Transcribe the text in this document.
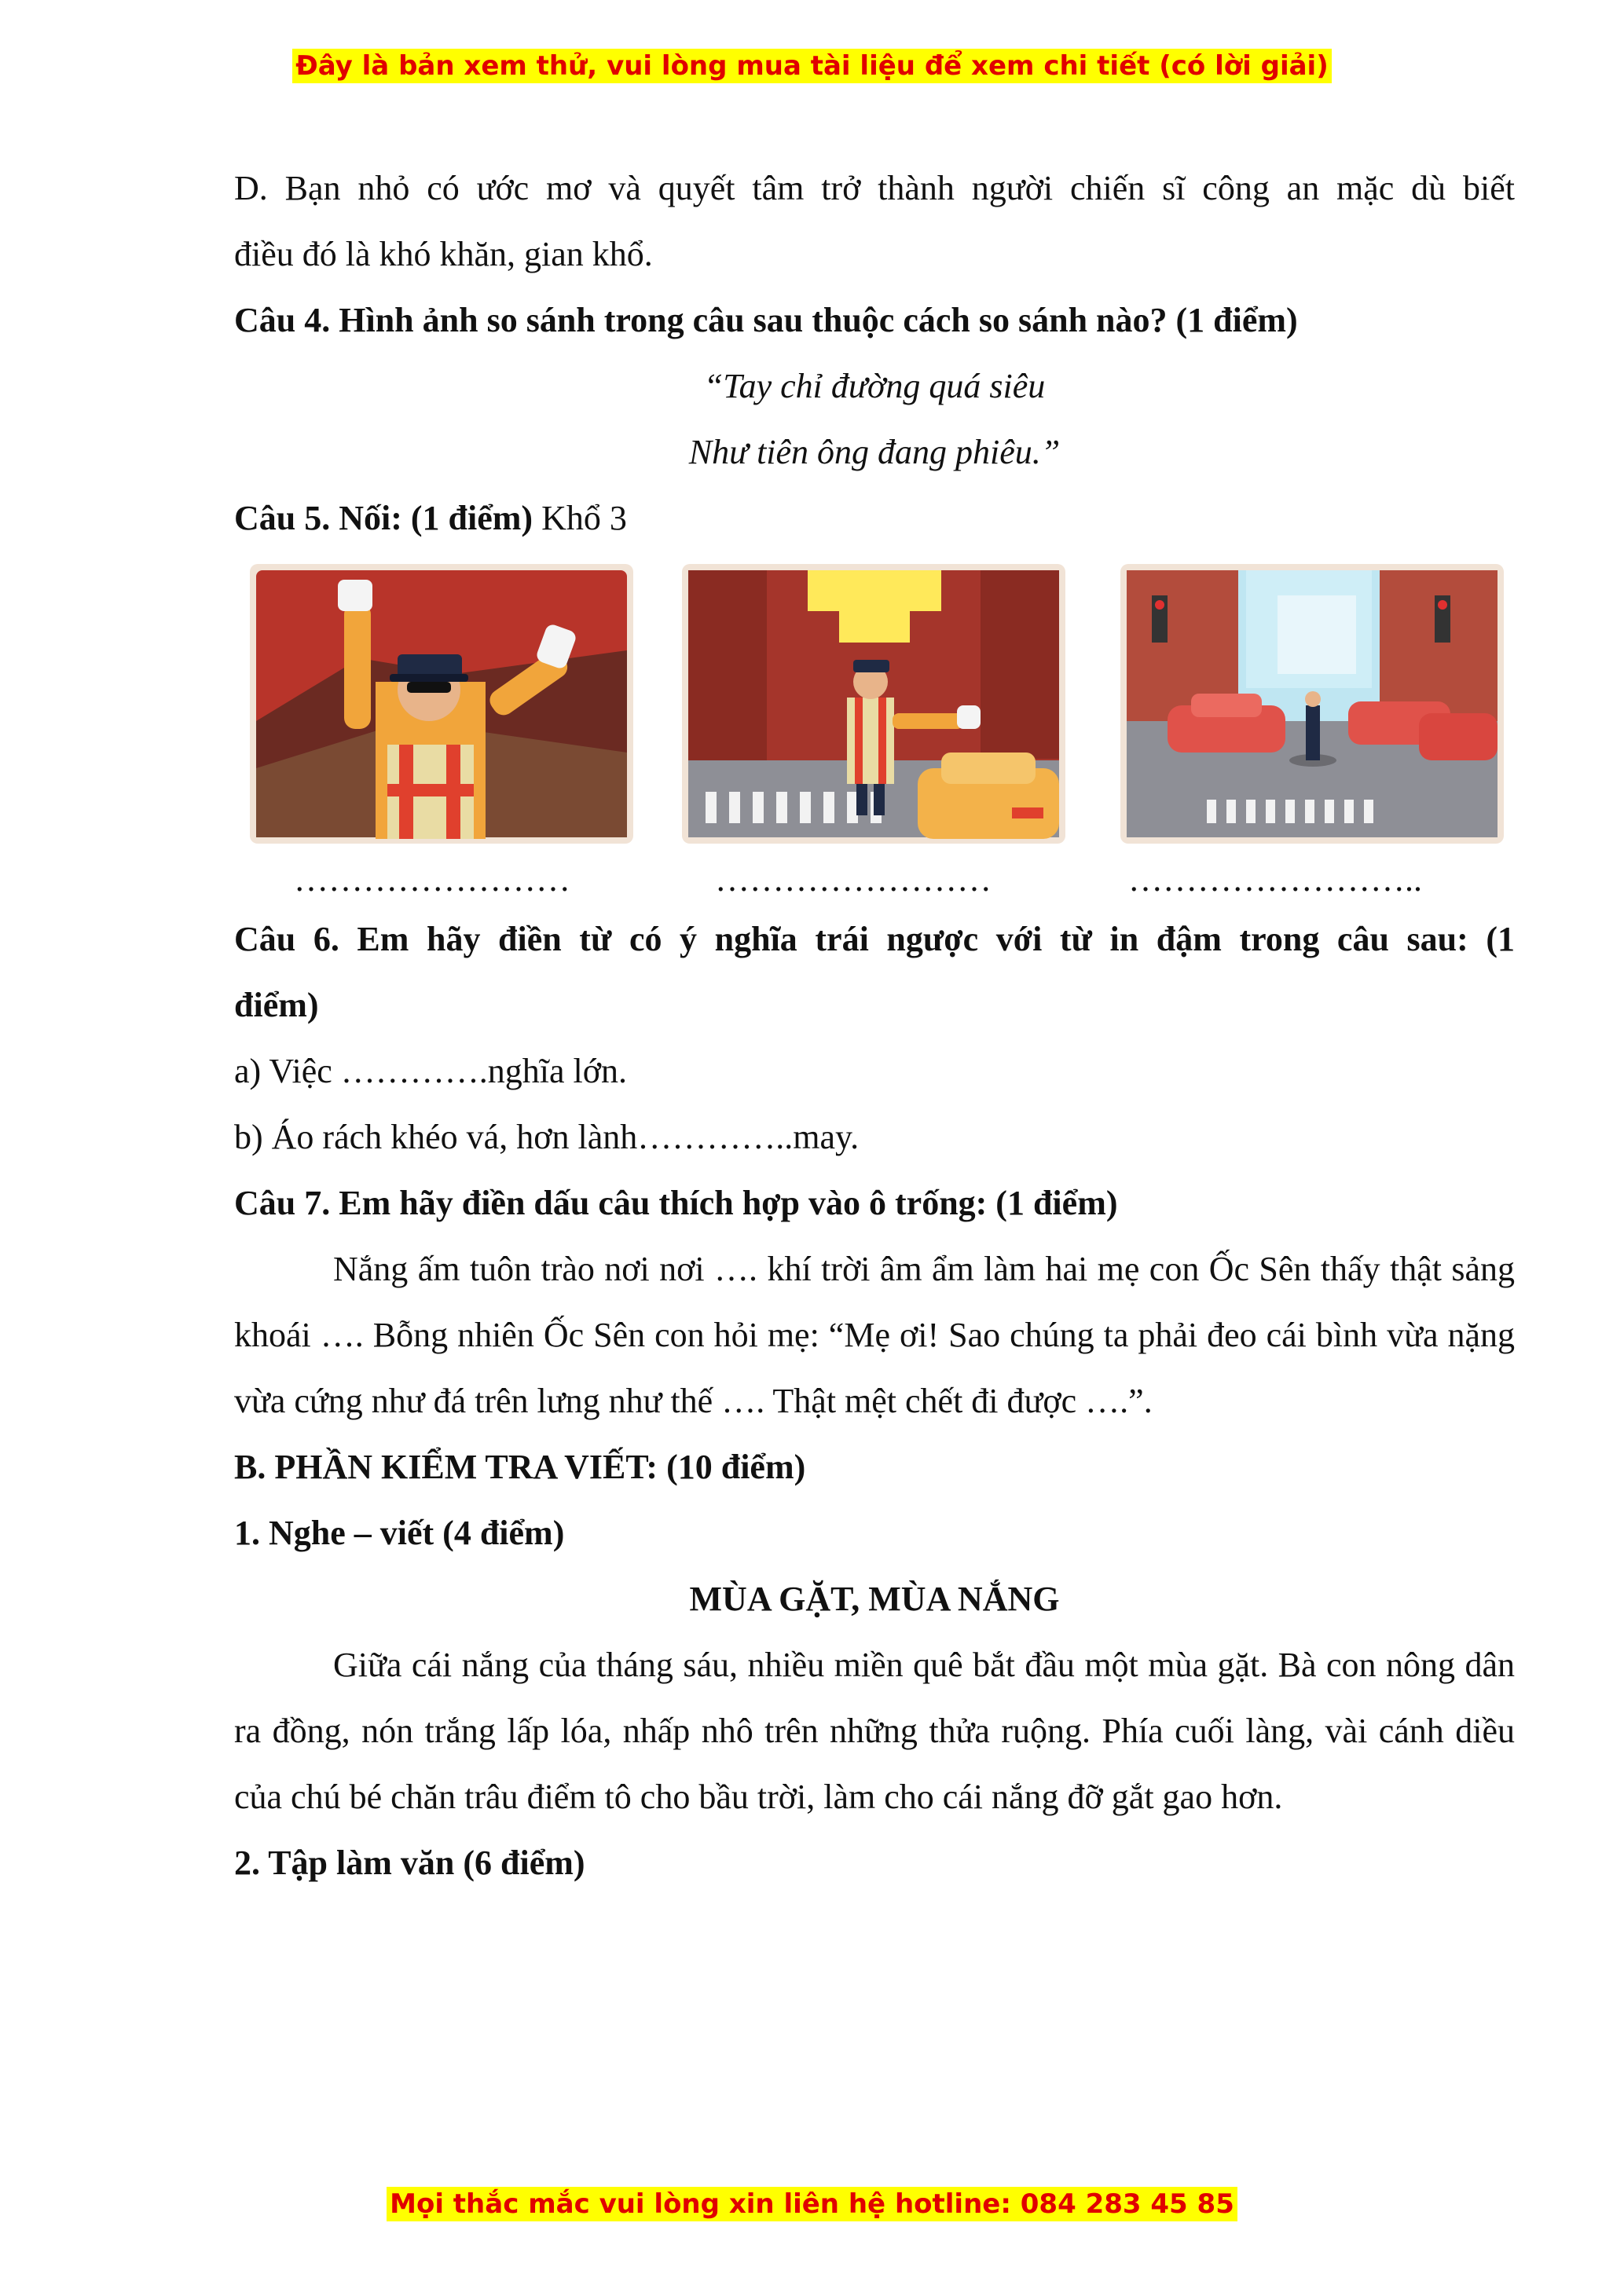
Đây là bản xem thử, vui lòng mua tài liệu để xem chi tiết (có lời giải)

D. Bạn nhỏ có ước mơ và quyết tâm trở thành người chiến sĩ công an mặc dù biết

điều đó là khó khăn, gian khổ.

Câu 4. Hình ảnh so sánh trong câu sau thuộc cách so sánh nào? (1 điểm)

“Tay chỉ đường quá siêu

Như tiên ông đang phiêu.”

Câu 5. Nối: (1 điểm) Khổ 3

……………………	……………………	……………………..

Câu 6. Em hãy điền từ có ý nghĩa trái ngược với từ in đậm trong câu sau: (1

điểm)

a) Việc ………….nghĩa lớn.

b) Áo rách khéo vá, hơn lành…………..may.

Câu 7. Em hãy điền dấu câu thích hợp vào ô trống: (1 điểm)

Nắng ấm tuôn trào nơi nơi …. khí trời âm ẩm làm hai mẹ con Ốc Sên thấy thật sảng khoái …. Bỗng nhiên Ốc Sên con hỏi mẹ: “Mẹ ơi! Sao chúng ta phải đeo cái bình vừa nặng vừa cứng như đá trên lưng như thế …. Thật mệt chết đi được ….”.

B. PHẦN KIỂM TRA VIẾT: (10 điểm)

1. Nghe – viết (4 điểm)

MÙA GẶT, MÙA NẮNG

Giữa cái nắng của tháng sáu, nhiều miền quê bắt đầu một mùa gặt. Bà con nông dân ra đồng, nón trắng lấp lóa, nhấp nhô trên những thửa ruộng. Phía cuối làng, vài cánh diều của chú bé chăn trâu điểm tô cho bầu trời, làm cho cái nắng đỡ gắt gao hơn.

2. Tập làm văn (6 điểm)

Mọi thắc mắc vui lòng xin liên hệ hotline: 084 283 45 85
